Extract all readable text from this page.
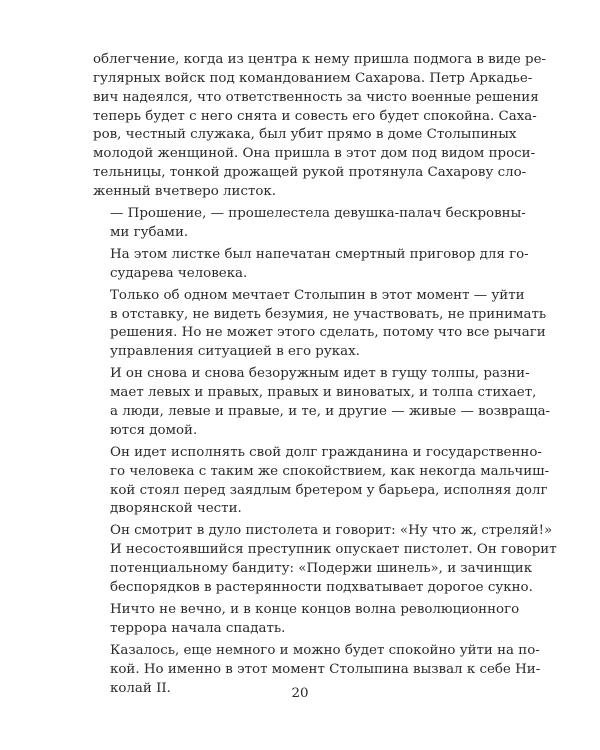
облегчение, когда из центра к нему пришла подмога в виде ре-
гулярных войск под командованием Сахарова. Петр Аркадье-
вич надеялся, что ответственность за чисто военные решения
теперь будет с него снята и совесть его будет спокойна. Саха-
ров, честный служака, был убит прямо в доме Столыпиных
молодой женщиной. Она пришла в этот дом под видом проси-
тельницы, тонкой дрожащей рукой протянула Сахарову сло-
женный вчетверо листок.

— Прошение, — прошелестела девушка-палач бескровны-
ми губами.

На этом листке был напечатан смертный приговор для го-
сударева человека.

Только об одном мечтает Столыпин в этот момент — уйти
в отставку, не видеть безумия, не участвовать, не принимать
решения. Но не может этого сделать, потому что все рычаги
управления ситуацией в его руках.

И он снова и снова безоружным идет в гущу толпы, разни-
мает левых и правых, правых и виноватых, и толпа стихает,
а люди, левые и правые, и те, и другие — живые — возвраща-
ются домой.

Он идет исполнять свой долг гражданина и государственно-
го человека с таким же спокойствием, как некогда мальчиш-
кой стоял перед заядлым бретером у барьера, исполняя долг
дворянской чести.

Он смотрит в дуло пистолета и говорит: «Ну что ж, стреляй!»
И несостоявшийся преступник опускает пистолет. Он говорит
потенциальному бандиту: «Подержи шинель», и зачинщик
беспорядков в растерянности подхватывает дорогое сукно.

Ничто не вечно, и в конце концов волна революционного
террора начала спадать.

Казалось, еще немного и можно будет спокойно уйти на по-
кой. Но именно в этот момент Столыпина вызвал к себе Ни-
колай II.	20
